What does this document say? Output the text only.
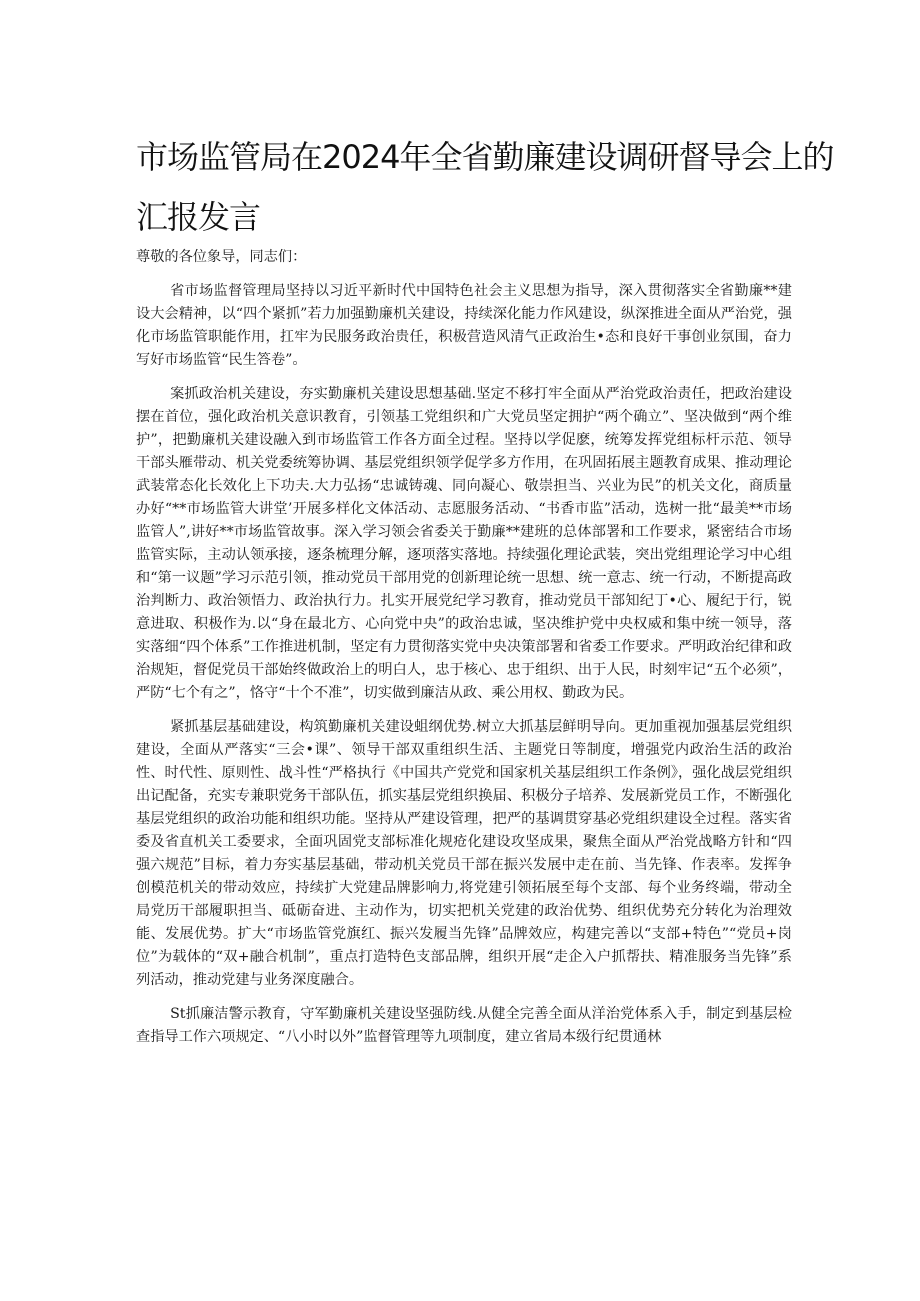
市场监管局在2024年全省勤廉建设调研督导会上的
汇报发言

尊敬的各位象导，同志们：

省市场监督管理局坚持以习近平新时代中国特色社会主义思想为指导，深入贯彻落实全省勤廉**建设大会精神，以“四个紧抓”若力加强勤廉机关建设，持续深化能力作风建设，纵深推进全面从严治党，强化市场监管职能作用，扛牢为民服务政治贵任，积极营造风清气正政治生•态和良好干事创业氛围，奋力写好市场监管“民生答卷”。

案抓政治机关建设，夯实勤廉机关建设思想基础.坚定不移打牢全面从严治党政治责任，把政治建设摆在首位，强化政治机关意识教育，引领基工党组织和广大党员坚定拥护“两个确立”、坚决做到“两个维护”，把勤廉机关建设融入到市场监管工作各方面全过程。坚持以学促麽，统筹发挥党组标杆示范、领导干部头雁带动、机关党委统筹协调、基层党组织领学促学多方作用，在巩固拓展主题教育成果、推动理论武装常态化长效化上下功夫.大力弘扬“忠诚铸魂、同向凝心、敬崇担当、兴业为民”的机关文化，商质量办好“**市场监管大讲堂’开展多样化文体活动、志愿服务活动、“书香市监”活动，选树一批“最美**市场监管人”,讲好**市场监管故事。深入学习领会省委关于勤廉**建班的总体部署和工作要求，紧密结合市场监管实际，主动认领承接，逐条梳理分解，逐项落实落地。持续强化理论武装，突出党组理论学习中心组和“第一议题”学习示范引领，推动党员干部用党的创新理论统一思想、统一意志、统一行动，不断提高政治判断力、政治领悟力、政治执行力。扎实开展党纪学习教育，推动党员干部知纪丁•心、履纪于行，锐意进取、积极作为.以“身在最北方、心向党中央”的政治忠诚，坚决维护党中央权威和集中统一领导，落实落细“四个体系”工作推进机制，坚定有力贯彻落实党中央决策部署和省委工作要求。严明政治纪律和政治规矩，督促党员干部始终做政治上的明白人，忠于核心、忠于组织、出于人民，时刻牢记“五个必须”，严防“七个有之”，恪守“十个不准”，切实做到廉洁从政、乘公用权、勤政为民。

紧抓基层基础建设，构筑勤廉机关建设蛆纲优势.树立大抓基层鲜明导向。更加重视加强基层党组织建设，全面从严落实“三会•课”、领导干部双重组织生活、主题党日等制度，增强党内政治生活的政治性、时代性、原则性、战斗性“严格执行《中国共产党党和国家机关基层组织工作条例》，强化战层党组织出记配备，充实专兼职党务干部队伍，抓实基层党组织换届、积极分子培养、发展新党员工作，不断强化基层党组织的政治功能和组织功能。坚持从严建设管理，把严的基调贯穿基必党组织建设全过程。落实省委及省直机关工委要求，全面巩固党支部标准化规疮化建设攻坚成果，聚焦全面从严治党战略方针和“四强六规范”目标，着力夯实基层基础，带动机关党员干部在振兴发展中走在前、当先锋、作表率。发挥争创模范机关的带动效应，持续扩大党建品牌影响力,将党建引领拓展至每个支部、每个业务终端，带动全局党历干部履职担当、砥砺奋进、主动作为，切实把机关党建的政治优势、组织优势充分转化为治理效能、发展优势。扩大“市场监管党旗红、振兴发履当先锋”品牌效应，构建完善以“支部+特色”“党员+岗位”为载体的“双+融合机制”，重点打造特色支部品牌，组织开展“走企入户抓帮扶、精准服务当先锋”系列活动，推动党建与业务深度融合。

St抓廉洁警示教育，守军勤廉机关建设坚强防线.从健全完善全面从洋治党体系入手，制定到基层检查指导工作六项规定、“八小时以外”监督管理等九项制度，建立省局本级行纪贯通林
